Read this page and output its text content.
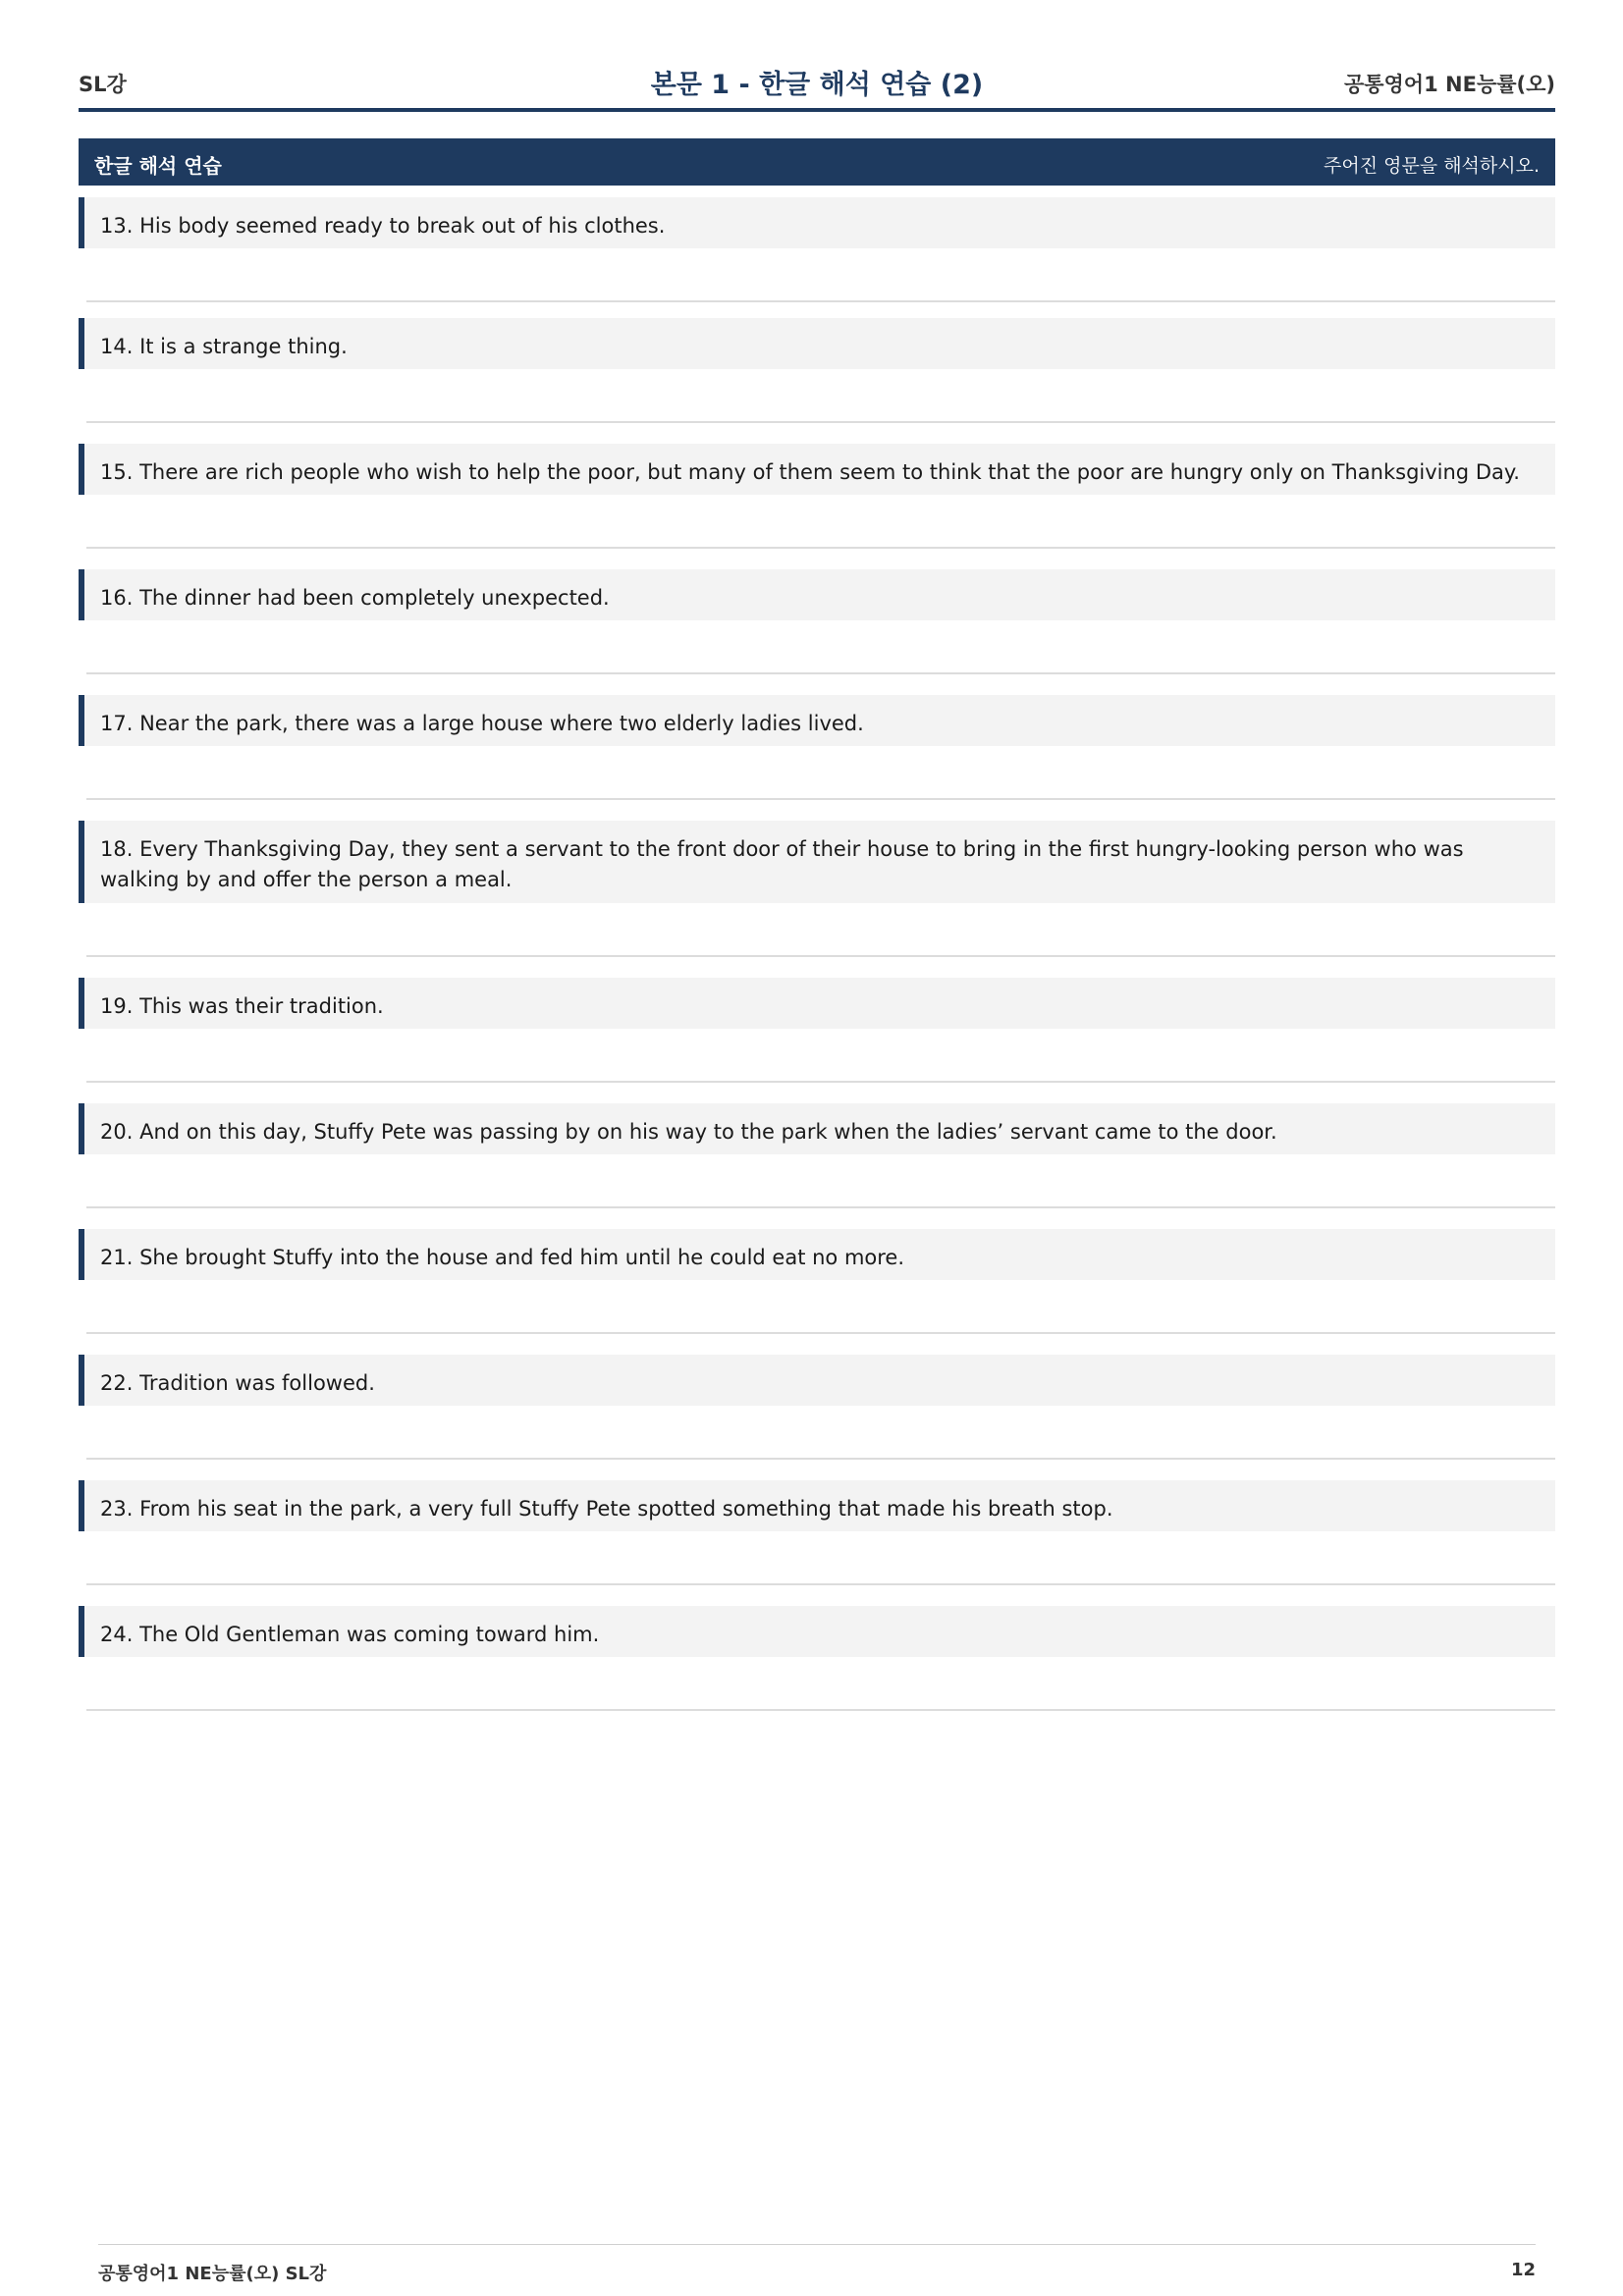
SL강	본문 1 - 한글 해석 연습 (2)	공통영어1 NE능률(오)
한글 해석 연습	주어진 영문을 해석하시오.
13. His body seemed ready to break out of his clothes.
14. It is a strange thing.
15. There are rich people who wish to help the poor, but many of them seem to think that the poor are hungry only on Thanksgiving Day.
16. The dinner had been completely unexpected.
17. Near the park, there was a large house where two elderly ladies lived.
18. Every Thanksgiving Day, they sent a servant to the front door of their house to bring in the first hungry-looking person who was walking by and offer the person a meal.
19. This was their tradition.
20. And on this day, Stuffy Pete was passing by on his way to the park when the ladies’ servant came to the door.
21. She brought Stuffy into the house and fed him until he could eat no more.
22. Tradition was followed.
23. From his seat in the park, a very full Stuffy Pete spotted something that made his breath stop.
24. The Old Gentleman was coming toward him.
공통영어1 NE능률(오) SL강	12
